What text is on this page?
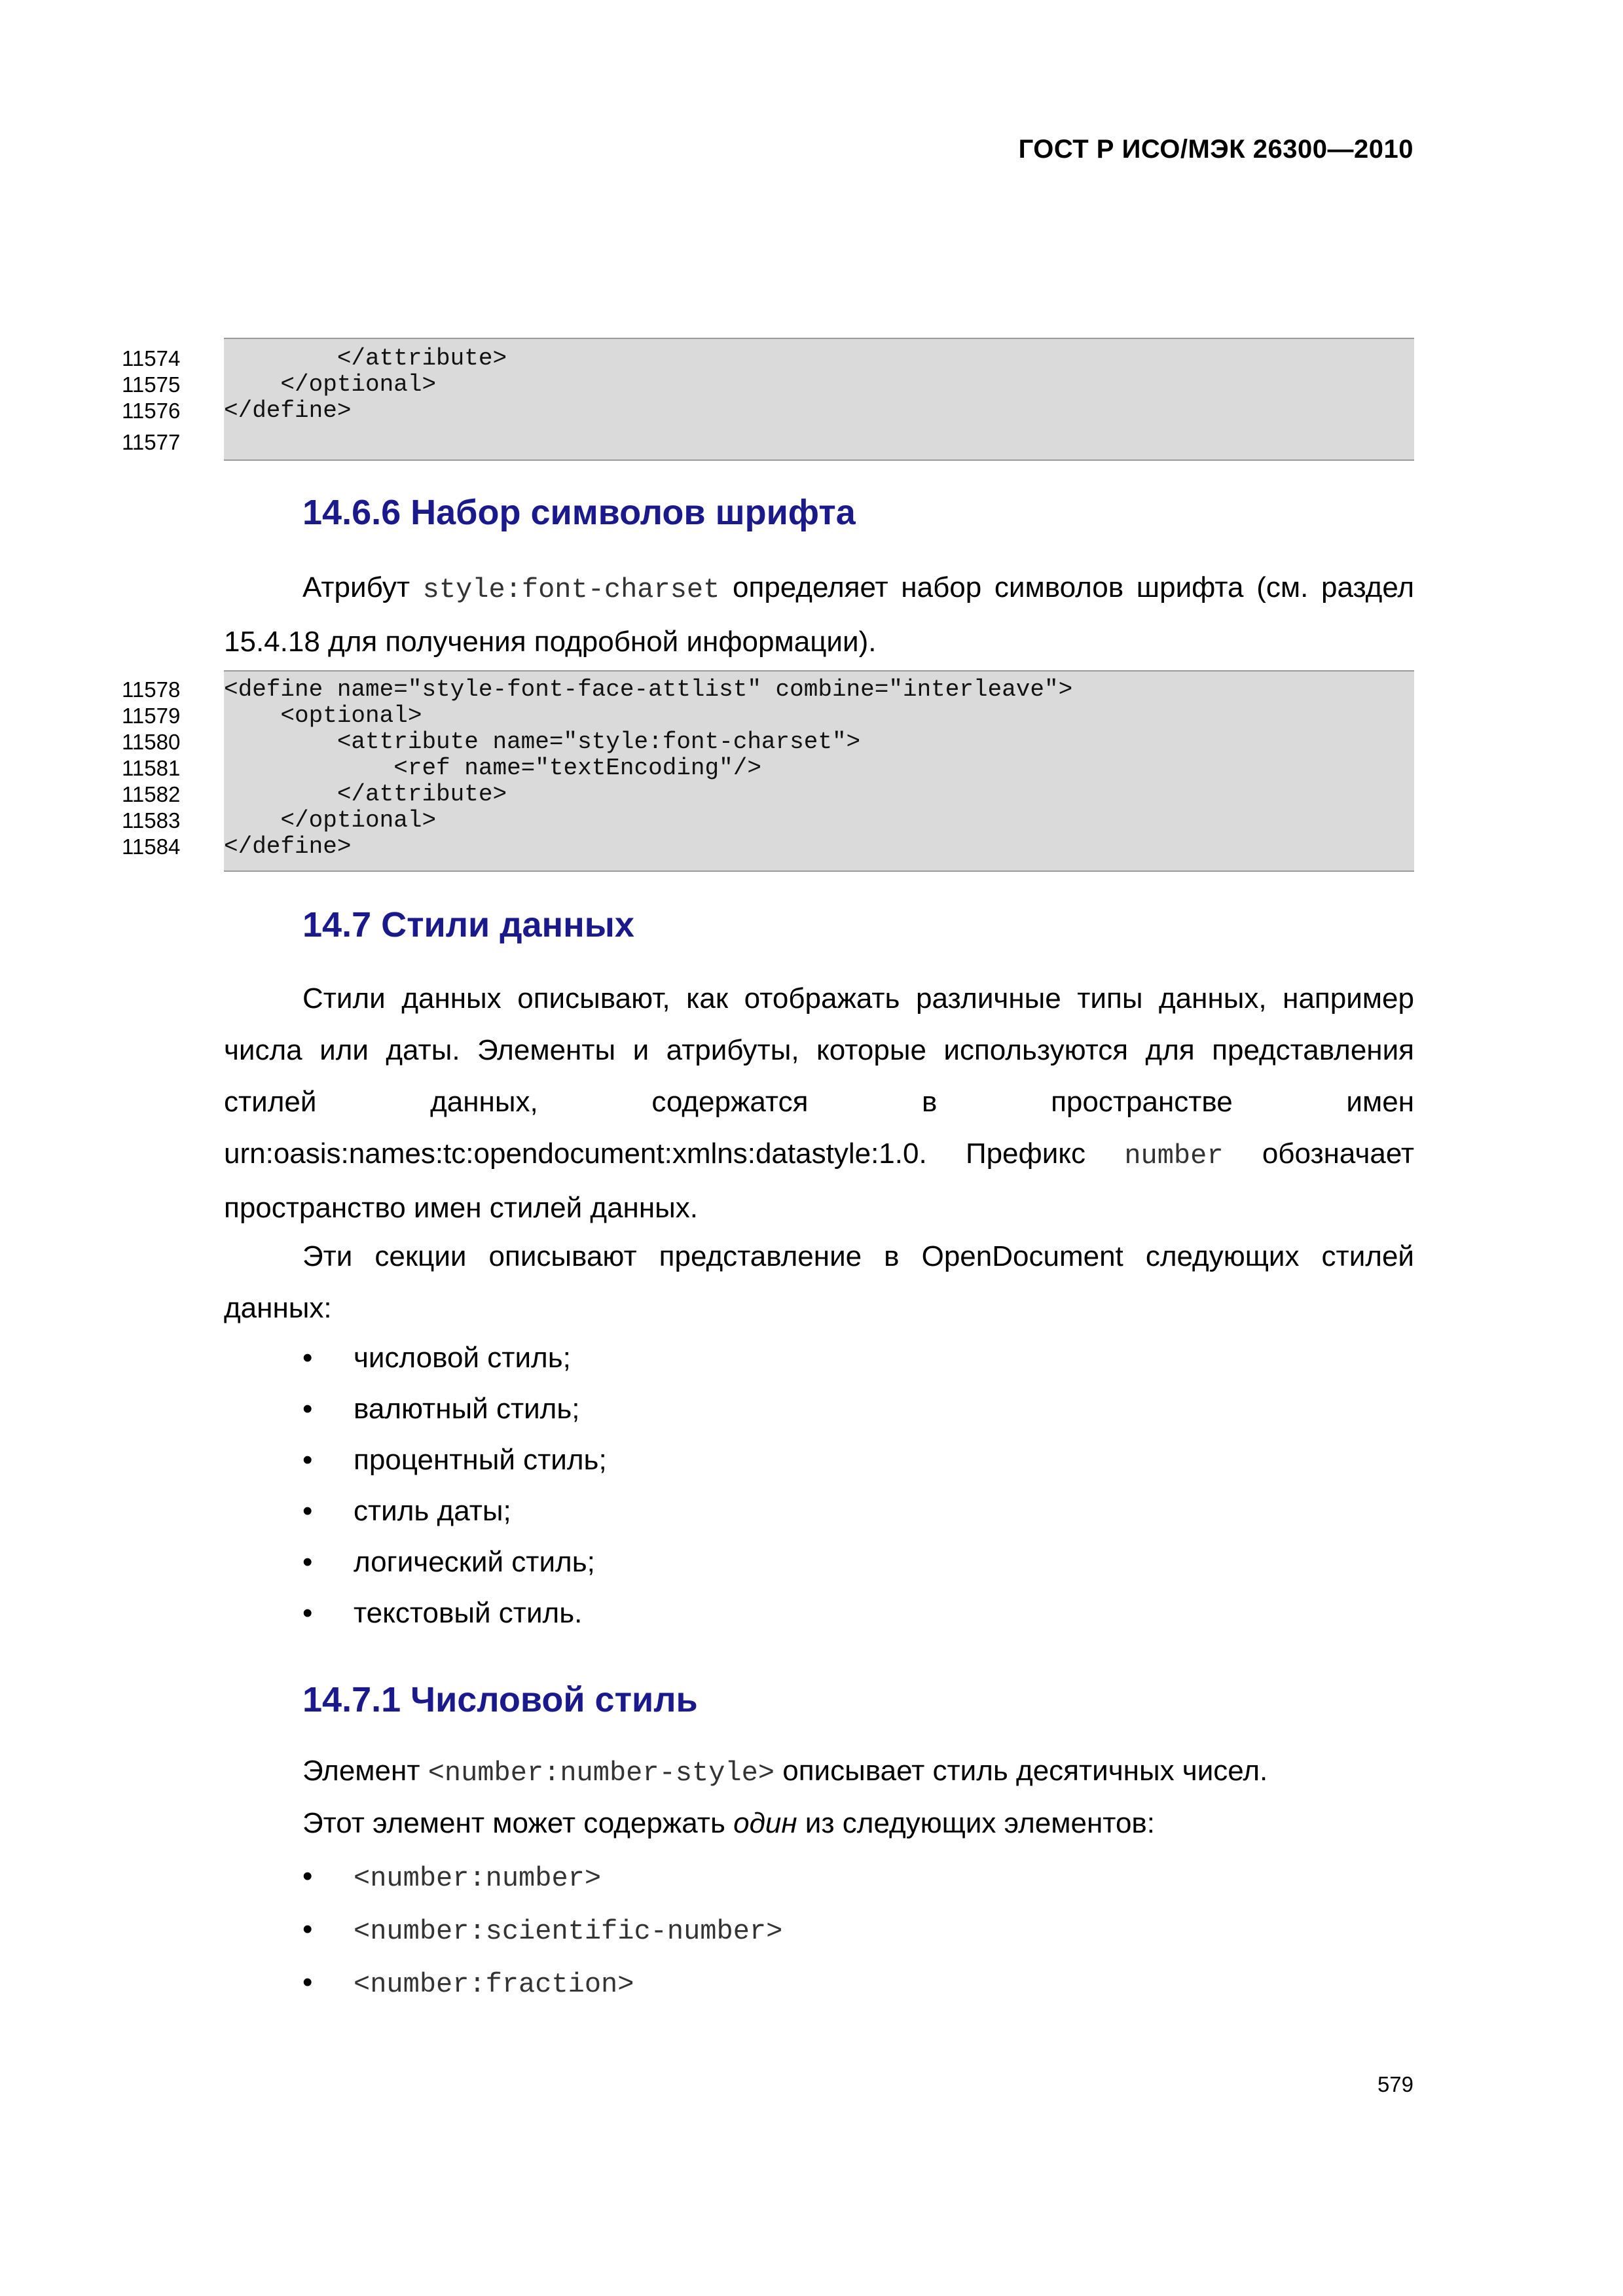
ГОСТ Р ИСО/МЭК 26300—2010
</attribute>
</optional>
</define>
11574
11575
11576
11577
14.6.6 Набор символов шрифта

Атрибут style:font-charset определяет набор символов шрифта (см. раздел 15.4.18 для получения подробной информации).

<define name="style-font-face-attlist" combine="interleave">
<optional>
<attribute name="style:font-charset">
<ref name="textEncoding"/>
</attribute>
</optional>
</define>
11578
11579
11580
11581
11582
11583
11584
14.7 Стили данных

Стили данных описывают, как отображать различные типы данных, например числа или даты. Элементы и атрибуты, которые используются для представления стилей данных, содержатся в пространстве имен urn:oasis:names:tc:opendocument:xmlns:datastyle:1.0. Префикс number обозначает пространство имен стилей данных.

Эти секции описывают представление в OpenDocument следующих стилей данных:

• числовой стиль;
• валютный стиль;
• процентный стиль;
• стиль даты;
• логический стиль;
• текстовый стиль.
14.7.1 Числовой стиль

Элемент <number:number-style> описывает стиль десятичных чисел.

Этот элемент может содержать один из следующих элементов:

• <number:number>
• <number:scientific-number>
• <number:fraction>
579
